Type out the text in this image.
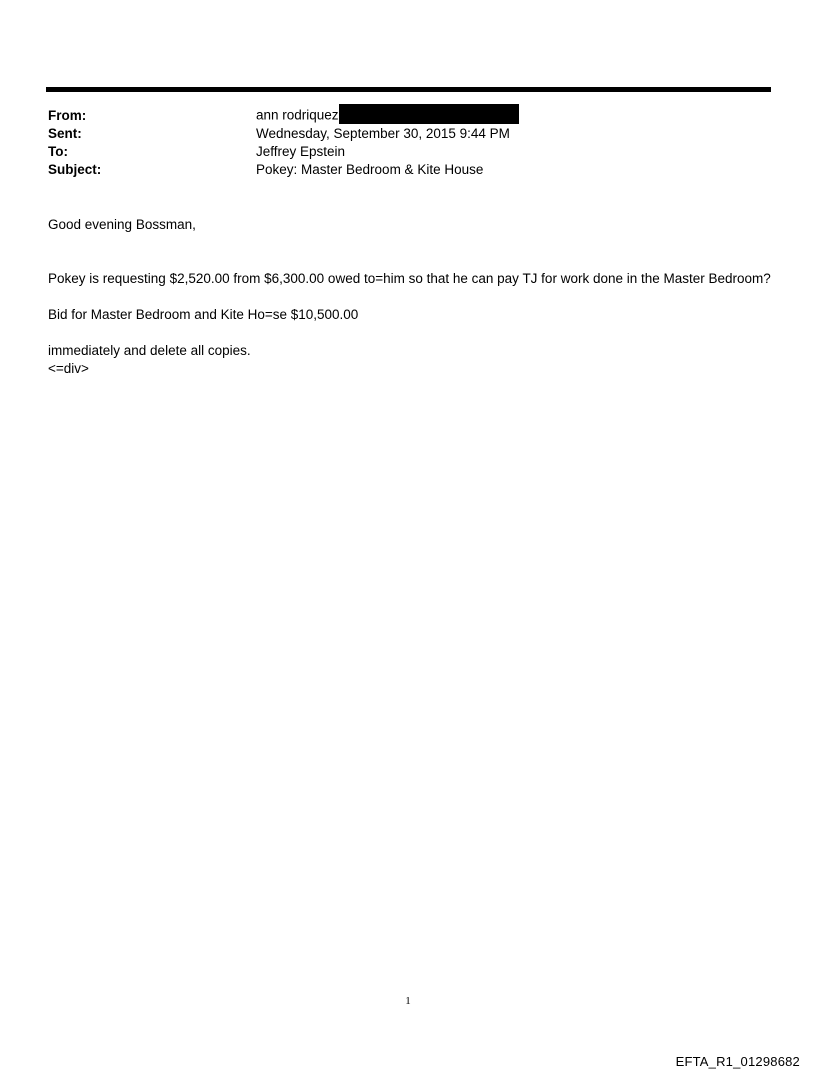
From:	ann rodriquez
Sent:	Wednesday, September 30, 2015 9:44 PM
To:	Jeffrey Epstein
Subject:	Pokey: Master Bedroom & Kite House
Good evening Bossman,
Pokey is requesting $2,520.00 from $6,300.00 owed to=him so that he can pay TJ for work done in the Master Bedroom?
Bid for Master Bedroom and Kite Ho=se $10,500.00
immediately and delete all copies.
<=div>
1
EFTA_R1_01298682
